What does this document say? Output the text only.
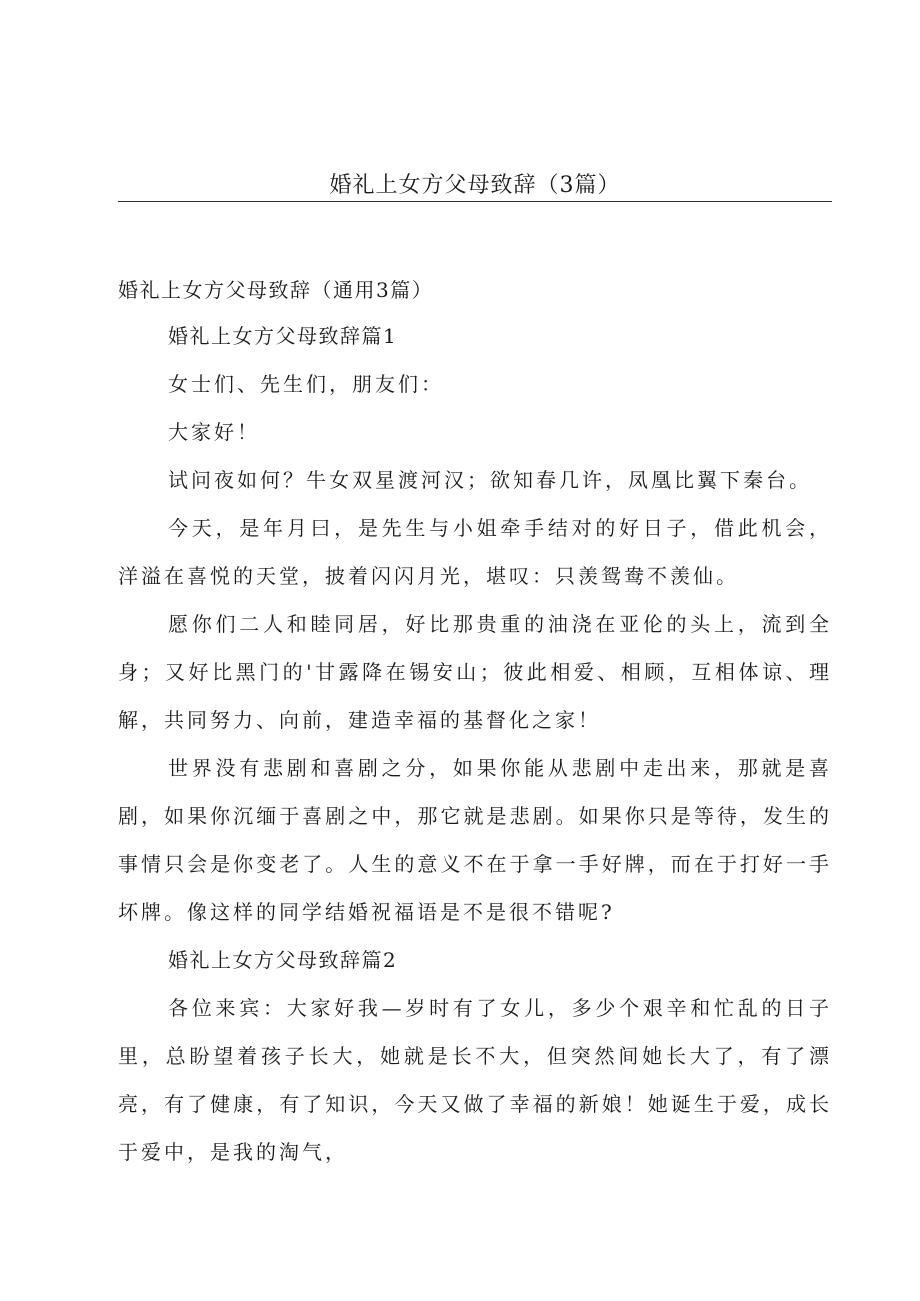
婚礼上女方父母致辞（3篇）

婚礼上女方父母致辞（通用3篇）

婚礼上女方父母致辞篇1

女士们、先生们，朋友们：

大家好！

试问夜如何？牛女双星渡河汉；欲知春几许，凤凰比翼下秦台。

今天，是年月曰，是先生与小姐牵手结对的好日子，借此机会，洋溢在喜悦的天堂，披着闪闪月光，堪叹：只羡鸳鸯不羡仙。

愿你们二人和睦同居，好比那贵重的油浇在亚伦的头上，流到全身；又好比黑门的'甘露降在锡安山；彼此相爱、相顾，互相体谅、理解，共同努力、向前，建造幸福的基督化之家！

世界没有悲剧和喜剧之分，如果你能从悲剧中走出来，那就是喜剧，如果你沉缅于喜剧之中，那它就是悲剧。如果你只是等待，发生的事情只会是你变老了。人生的意义不在于拿一手好牌，而在于打好一手坏牌。像这样的同学结婚祝福语是不是很不错呢?

婚礼上女方父母致辞篇2

各位来宾：大家好我—岁时有了女儿，多少个艰辛和忙乱的日子里，总盼望着孩子长大，她就是长不大，但突然间她长大了，有了漂亮，有了健康，有了知识，今天又做了幸福的新娘！她诞生于爱，成长于爱中，是我的淘气，
